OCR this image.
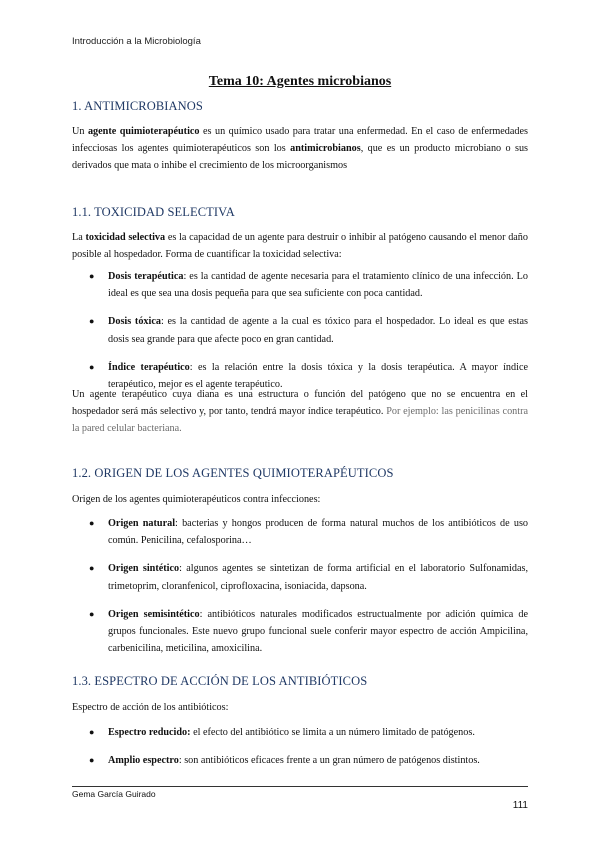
Introducción a la Microbiología
Tema 10: Agentes microbianos
1. ANTIMICROBIANOS

Un agente quimioterapéutico es un químico usado para tratar una enfermedad. En el caso de enfermedades infecciosas los agentes quimioterapéuticos son los antimicrobianos, que es un producto microbiano o sus derivados que mata o inhibe el crecimiento de los microorganismos

1.1. TOXICIDAD SELECTIVA

La toxicidad selectiva es la capacidad de un agente para destruir o inhibir al patógeno causando el menor daño posible al hospedador. Forma de cuantificar la toxicidad selectiva:

● Dosis terapéutica: es la cantidad de agente necesaria para el tratamiento clínico de una infección. Lo ideal es que sea una dosis pequeña para que sea suficiente con poca cantidad.
● Dosis tóxica: es la cantidad de agente a la cual es tóxico para el hospedador. Lo ideal es que estas dosis sea grande para que afecte poco en gran cantidad.
● Índice terapéutico: es la relación entre la dosis tóxica y la dosis terapéutica. A mayor índice terapéutico, mejor es el agente terapéutico.

Un agente terapéutico cuya diana es una estructura o función del patógeno que no se encuentra en el hospedador será más selectivo y, por tanto, tendrá mayor índice terapéutico. Por ejemplo: las penicilinas contra la pared celular bacteriana.

1.2. ORIGEN DE LOS AGENTES QUIMIOTERAPÉUTICOS

Origen de los agentes quimioterapéuticos contra infecciones:

● Origen natural: bacterias y hongos producen de forma natural muchos de los antibióticos de uso común. Penicilina, cefalosporina…
● Origen sintético: algunos agentes se sintetizan de forma artificial en el laboratorio Sulfonamidas, trimetoprim, cloranfenicol, ciprofloxacina, isoniacida, dapsona.
● Origen semisintético: antibióticos naturales modificados estructualmente por adición química de grupos funcionales. Este nuevo grupo funcional suele conferir mayor espectro de acción Ampicilina, carbenicilina, meticilina, amoxicilina.
1.3. ESPECTRO DE ACCIÓN DE LOS ANTIBIÓTICOS

Espectro de acción de los antibióticos:

● Espectro reducido: el efecto del antibiótico se limita a un número limitado de patógenos.
● Amplio espectro: son antibióticos eficaces frente a un gran número de patógenos distintos.
Gema García Guirado
111
